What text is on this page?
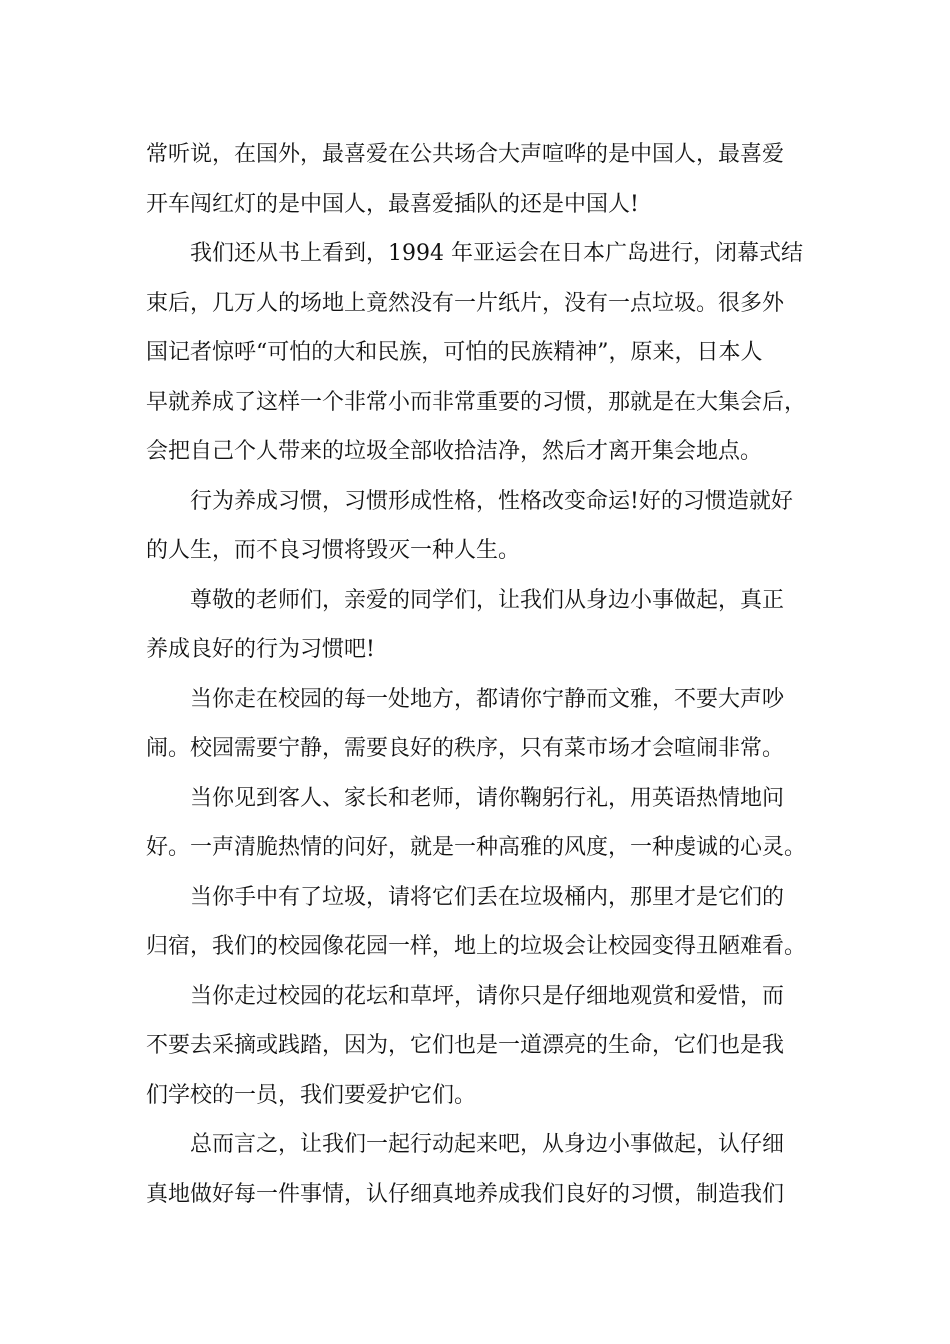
常听说，在国外，最喜爱在公共场合大声喧哗的是中国人，最喜爱
开车闯红灯的是中国人，最喜爱插队的还是中国人!
我们还从书上看到，1994 年亚运会在日本广岛进行，闭幕式结
束后，几万人的场地上竟然没有一片纸片，没有一点垃圾。很多外
国记者惊呼“可怕的大和民族，可怕的民族精神”，原来，日本人
早就养成了这样一个非常小而非常重要的习惯，那就是在大集会后，
会把自己个人带来的垃圾全部收拾洁净，然后才离开集会地点。
行为养成习惯，习惯形成性格，性格改变命运!好的习惯造就好
的人生，而不良习惯将毁灭一种人生。
尊敬的老师们，亲爱的同学们，让我们从身边小事做起，真正
养成良好的行为习惯吧!
当你走在校园的每一处地方，都请你宁静而文雅，不要大声吵
闹。校园需要宁静，需要良好的秩序，只有菜市场才会喧闹非常。
当你见到客人、家长和老师，请你鞠躬行礼，用英语热情地问
好。一声清脆热情的问好，就是一种高雅的风度，一种虔诚的心灵。
当你手中有了垃圾，请将它们丢在垃圾桶内，那里才是它们的
归宿，我们的校园像花园一样，地上的垃圾会让校园变得丑陋难看。
当你走过校园的花坛和草坪，请你只是仔细地观赏和爱惜，而
不要去采摘或践踏，因为，它们也是一道漂亮的生命，它们也是我
们学校的一员，我们要爱护它们。
总而言之，让我们一起行动起来吧，从身边小事做起，认仔细
真地做好每一件事情，认仔细真地养成我们良好的习惯，制造我们
